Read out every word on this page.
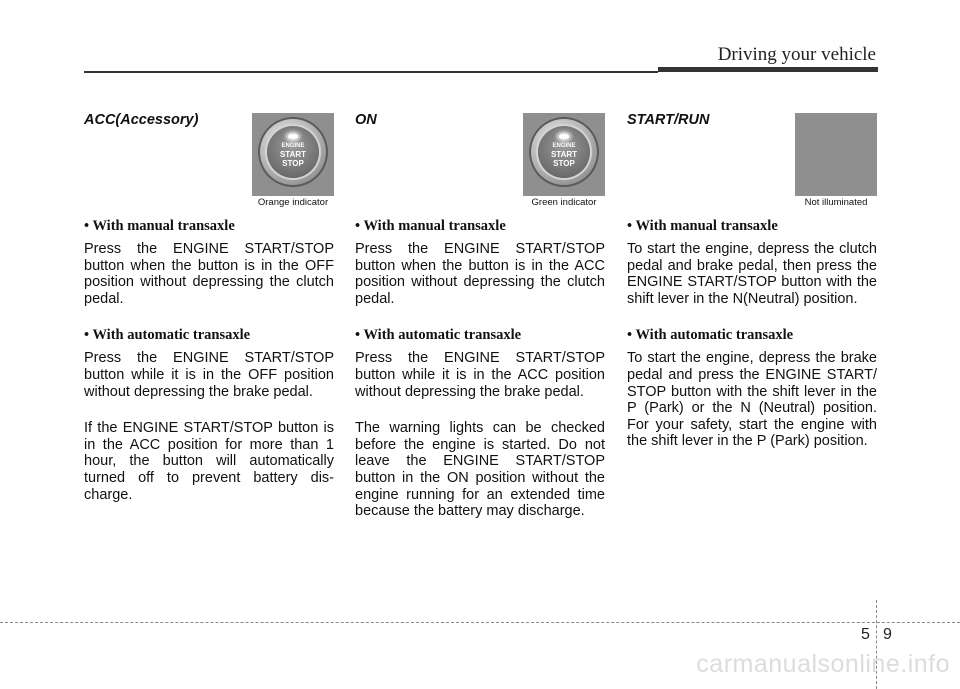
Driving your vehicle
ACC(Accessory)
ENGINE
START
STOP
Orange indicator
• With manual transaxle
Press the ENGINE START/STOP button when the button is in the OFF position without depressing the clutch pedal.
• With automatic transaxle
Press the ENGINE START/STOP button while it is in the OFF position without depressing the brake pedal.
If the ENGINE START/STOP button is in the ACC position for more than 1 hour, the button will automatically turned off to prevent battery dis-charge.
ON
ENGINE
START
STOP
Green indicator
• With manual transaxle
Press the ENGINE START/STOP button when the button is in the ACC position without depressing the clutch pedal.
• With automatic transaxle
Press the ENGINE START/STOP button while it is in the ACC position without depressing the brake pedal.
The warning lights can be checked before the engine is started. Do not leave the ENGINE START/STOP button in the ON position without the engine running for an extended time because the battery may discharge.
START/RUN
Not illuminated
• With manual transaxle
To start the engine, depress the clutch pedal and brake pedal, then press the ENGINE START/STOP button with the shift lever in the N(Neutral) position.
• With automatic transaxle
To start the engine, depress the brake pedal and press the ENGINE START/ STOP button with the shift lever in the P (Park) or the N (Neutral) position. For your safety, start the engine with the shift lever in the P (Park) position.
5 9
carmanualsonline.info
